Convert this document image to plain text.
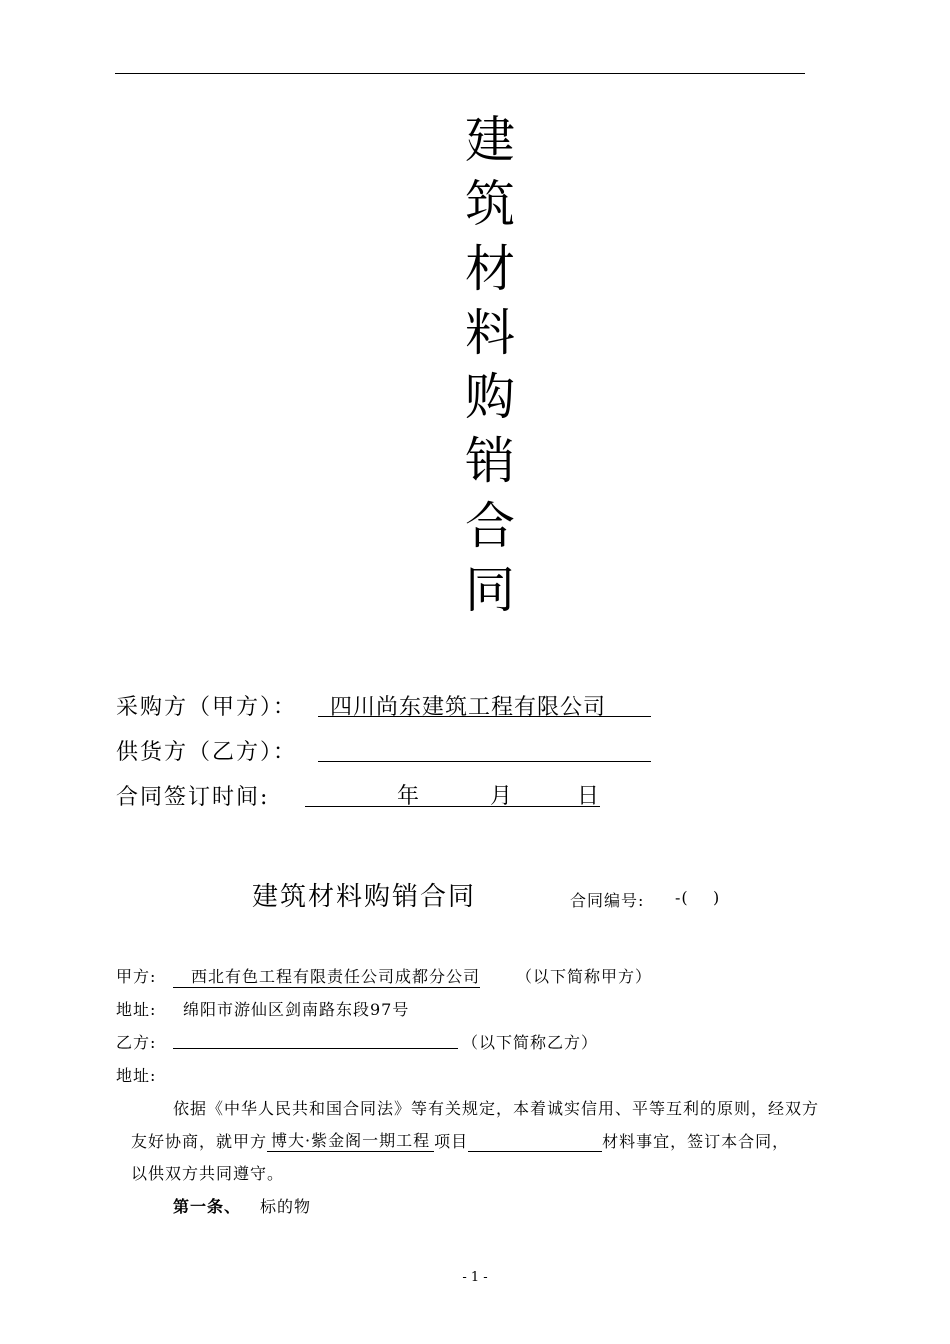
建
筑
材
料
购
销
合
同
采购方（甲方）： 四川尚东建筑工程有限公司
供货方（乙方）：
合同签订时间:	年	月	日
建筑材料购销合同	合同编号: -(    )
甲方:	西北有色工程有限责任公司成都分公司 （以下简称甲方）
地址: 绵阳市游仙区剑南路东段97号
乙方:	（以下简称乙方）
地址:
依据《中华人民共和国合同法》等有关规定，本着诚实信用、平等互利的原则，经双方
友好协商，就甲方 博大·紫金阁一期工程 项目	材料事宜，签订本合同，
以供双方共同遵守。
第一条、 标的物
- 1 -
